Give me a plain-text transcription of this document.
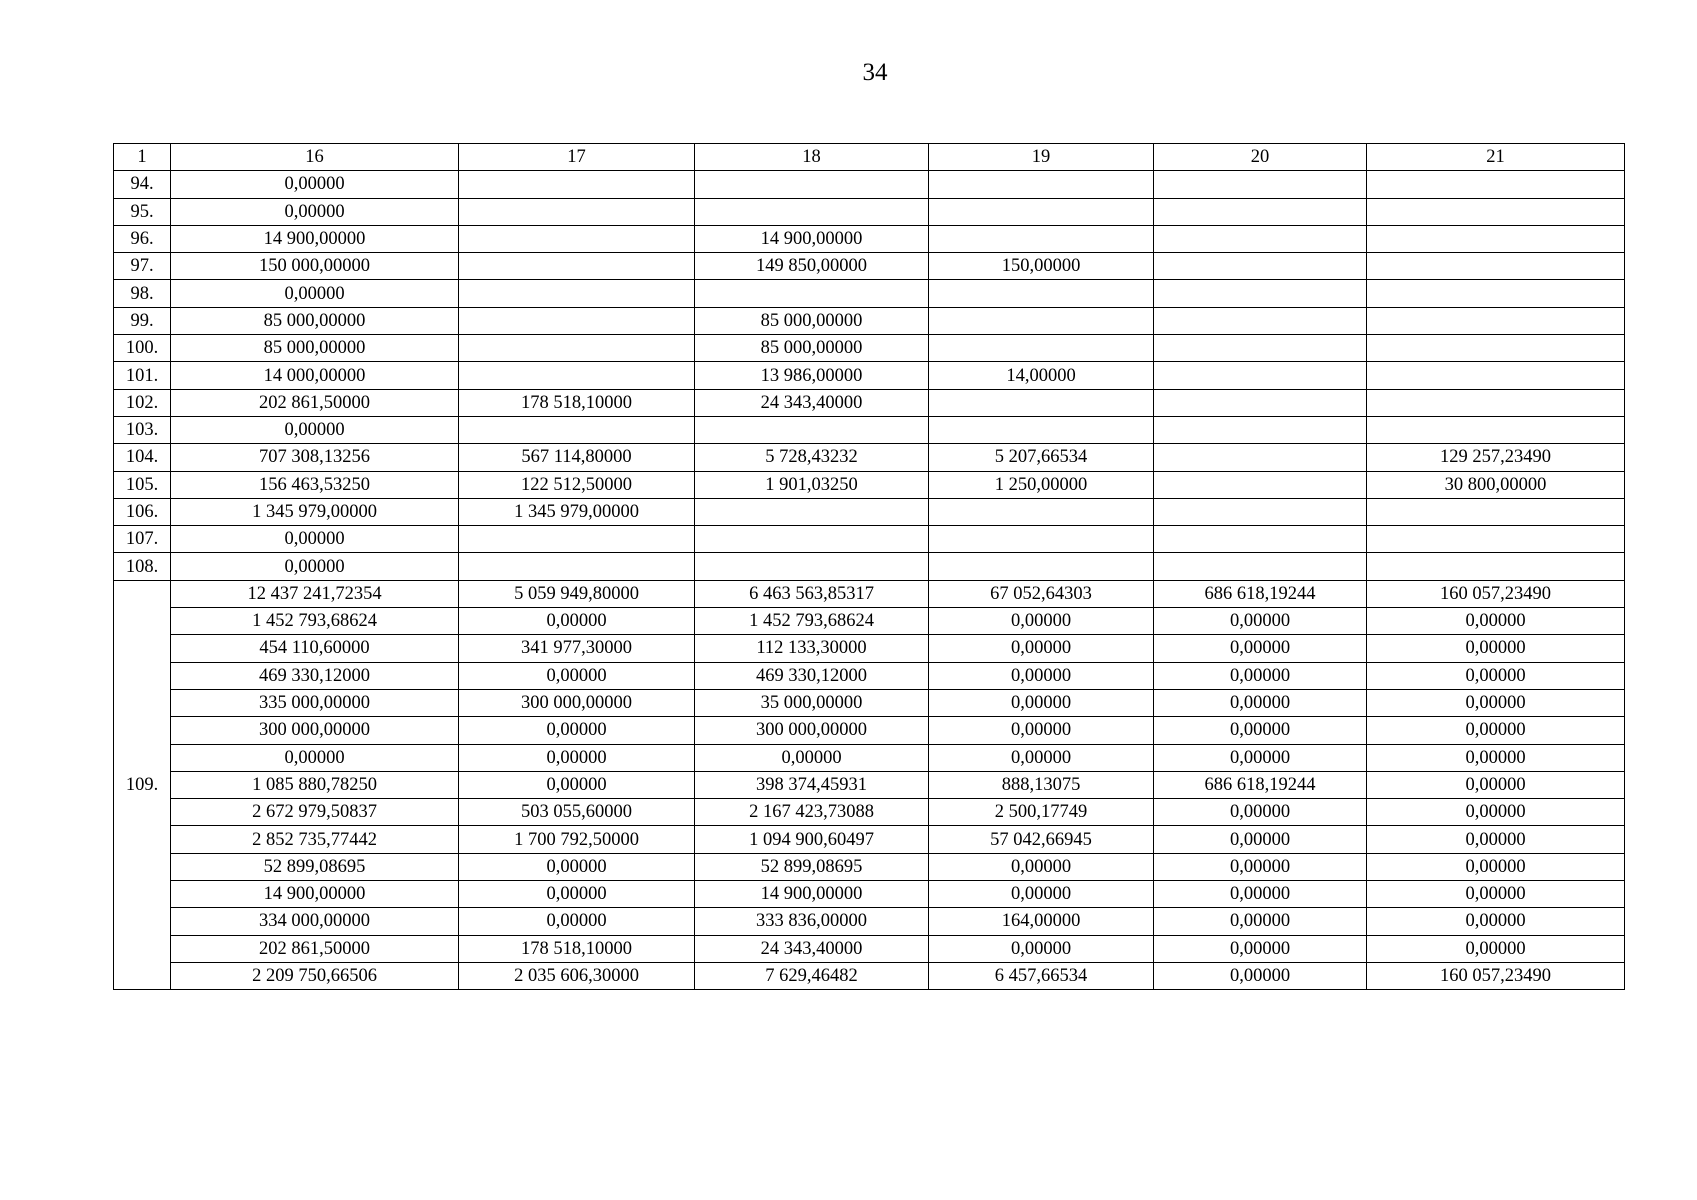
34
1	16	17	18	19	20	21
94.	0,00000					
95.	0,00000					
96.	14 900,00000		14 900,00000			
97.	150 000,00000		149 850,00000	150,00000		
98.	0,00000					
99.	85 000,00000		85 000,00000			
100.	85 000,00000		85 000,00000			
101.	14 000,00000		13 986,00000	14,00000		
102.	202 861,50000	178 518,10000	24 343,40000			
103.	0,00000					
104.	707 308,13256	567 114,80000	5 728,43232	5 207,66534		129 257,23490
105.	156 463,53250	122 512,50000	1 901,03250	1 250,00000		30 800,00000
106.	1 345 979,00000	1 345 979,00000				
107.	0,00000					
108.	0,00000					
109.	12 437 241,72354	5 059 949,80000	6 463 563,85317	67 052,64303	686 618,19244	160 057,23490
	1 452 793,68624	0,00000	1 452 793,68624	0,00000	0,00000	0,00000
	454 110,60000	341 977,30000	112 133,30000	0,00000	0,00000	0,00000
	469 330,12000	0,00000	469 330,12000	0,00000	0,00000	0,00000
	335 000,00000	300 000,00000	35 000,00000	0,00000	0,00000	0,00000
	300 000,00000	0,00000	300 000,00000	0,00000	0,00000	0,00000
	0,00000	0,00000	0,00000	0,00000	0,00000	0,00000
	1 085 880,78250	0,00000	398 374,45931	888,13075	686 618,19244	0,00000
	2 672 979,50837	503 055,60000	2 167 423,73088	2 500,17749	0,00000	0,00000
	2 852 735,77442	1 700 792,50000	1 094 900,60497	57 042,66945	0,00000	0,00000
	52 899,08695	0,00000	52 899,08695	0,00000	0,00000	0,00000
	14 900,00000	0,00000	14 900,00000	0,00000	0,00000	0,00000
	334 000,00000	0,00000	333 836,00000	164,00000	0,00000	0,00000
	202 861,50000	178 518,10000	24 343,40000	0,00000	0,00000	0,00000
	2 209 750,66506	2 035 606,30000	7 629,46482	6 457,66534	0,00000	160 057,23490
